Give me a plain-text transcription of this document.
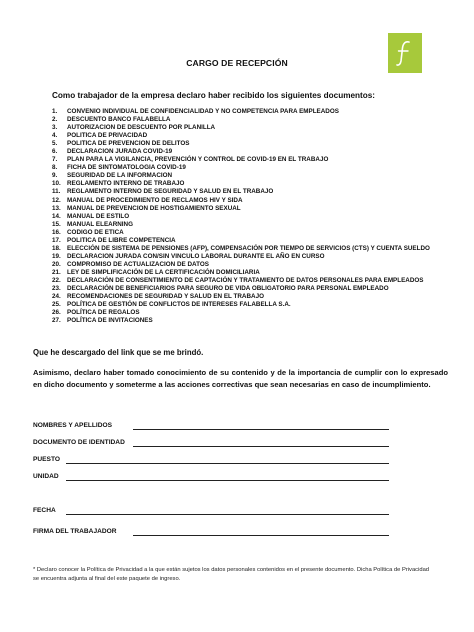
CARGO DE RECEPCIÓN
Como trabajador de la empresa declaro haber recibido los siguientes documentos:
1. CONVENIO INDIVIDUAL DE CONFIDENCIALIDAD Y NO COMPETENCIA PARA EMPLEADOS
2. DESCUENTO BANCO FALABELLA
3. AUTORIZACION DE DESCUENTO POR PLANILLA
4. POLITICA DE PRIVACIDAD
5. POLITICA DE PREVENCION DE DELITOS
6. DECLARACION JURADA COVID-19
7. PLAN PARA LA VIGILANCIA, PREVENCIÓN Y CONTROL DE COVID-19 EN EL TRABAJO
8. FICHA DE SINTOMATOLOGIA COVID-19
9. SEGURIDAD DE LA INFORMACION
10. REGLAMENTO INTERNO DE TRABAJO
11. REGLAMENTO INTERNO DE SEGURIDAD Y SALUD EN EL TRABAJO
12. MANUAL DE PROCEDIMIENTO DE RECLAMOS HIV Y SIDA
13. MANUAL DE PREVENCION DE HOSTIGAMIENTO SEXUAL
14. MANUAL DE ESTILO
15. MANUAL ELEARNING
16. CODIGO DE ETICA
17. POLITICA DE LIBRE COMPETENCIA
18. ELECCIÓN DE SISTEMA DE PENSIONES (AFP), COMPENSACIÓN POR TIEMPO DE SERVICIOS (CTS) Y CUENTA SUELDO
19. DECLARACION JURADA CON/SIN VINCULO LABORAL DURANTE EL AÑO EN CURSO
20. COMPROMISO DE ACTUALIZACION DE DATOS
21. LEY DE SIMPLIFICACIÓN DE LA CERTIFICACIÓN DOMICILIARIA
22. DECLARACIÓN DE CONSENTIMIENTO DE CAPTACIÓN Y TRATAMIENTO DE DATOS PERSONALES PARA EMPLEADOS
23. DECLARACIÓN DE BENEFICIARIOS PARA SEGURO DE VIDA OBLIGATORIO PARA PERSONAL EMPLEADO
24. RECOMENDACIONES DE SEGURIDAD Y SALUD EN EL TRABAJO
25. POLÍTICA DE GESTIÓN DE CONFLICTOS DE INTERESES FALABELLA S.A.
26. POLÍTICA DE REGALOS
27. POLÍTICA DE INVITACIONES
Que he descargado del link que se me brindó.
Asimismo, declaro haber tomado conocimiento de su contenido y de la importancia de cumplir con lo expresado en dicho documento y someterme a las acciones correctivas que sean necesarias en caso de incumplimiento.
NOMBRES Y APELLIDOS
DOCUMENTO DE IDENTIDAD
PUESTO
UNIDAD
FECHA
FIRMA DEL TRABAJADOR
* Declaro conocer la Política de Privacidad a la que están sujetos los datos personales contenidos en el presente documento. Dicha Política de Privacidad se encuentra adjunta al final del este paquete de ingreso.
